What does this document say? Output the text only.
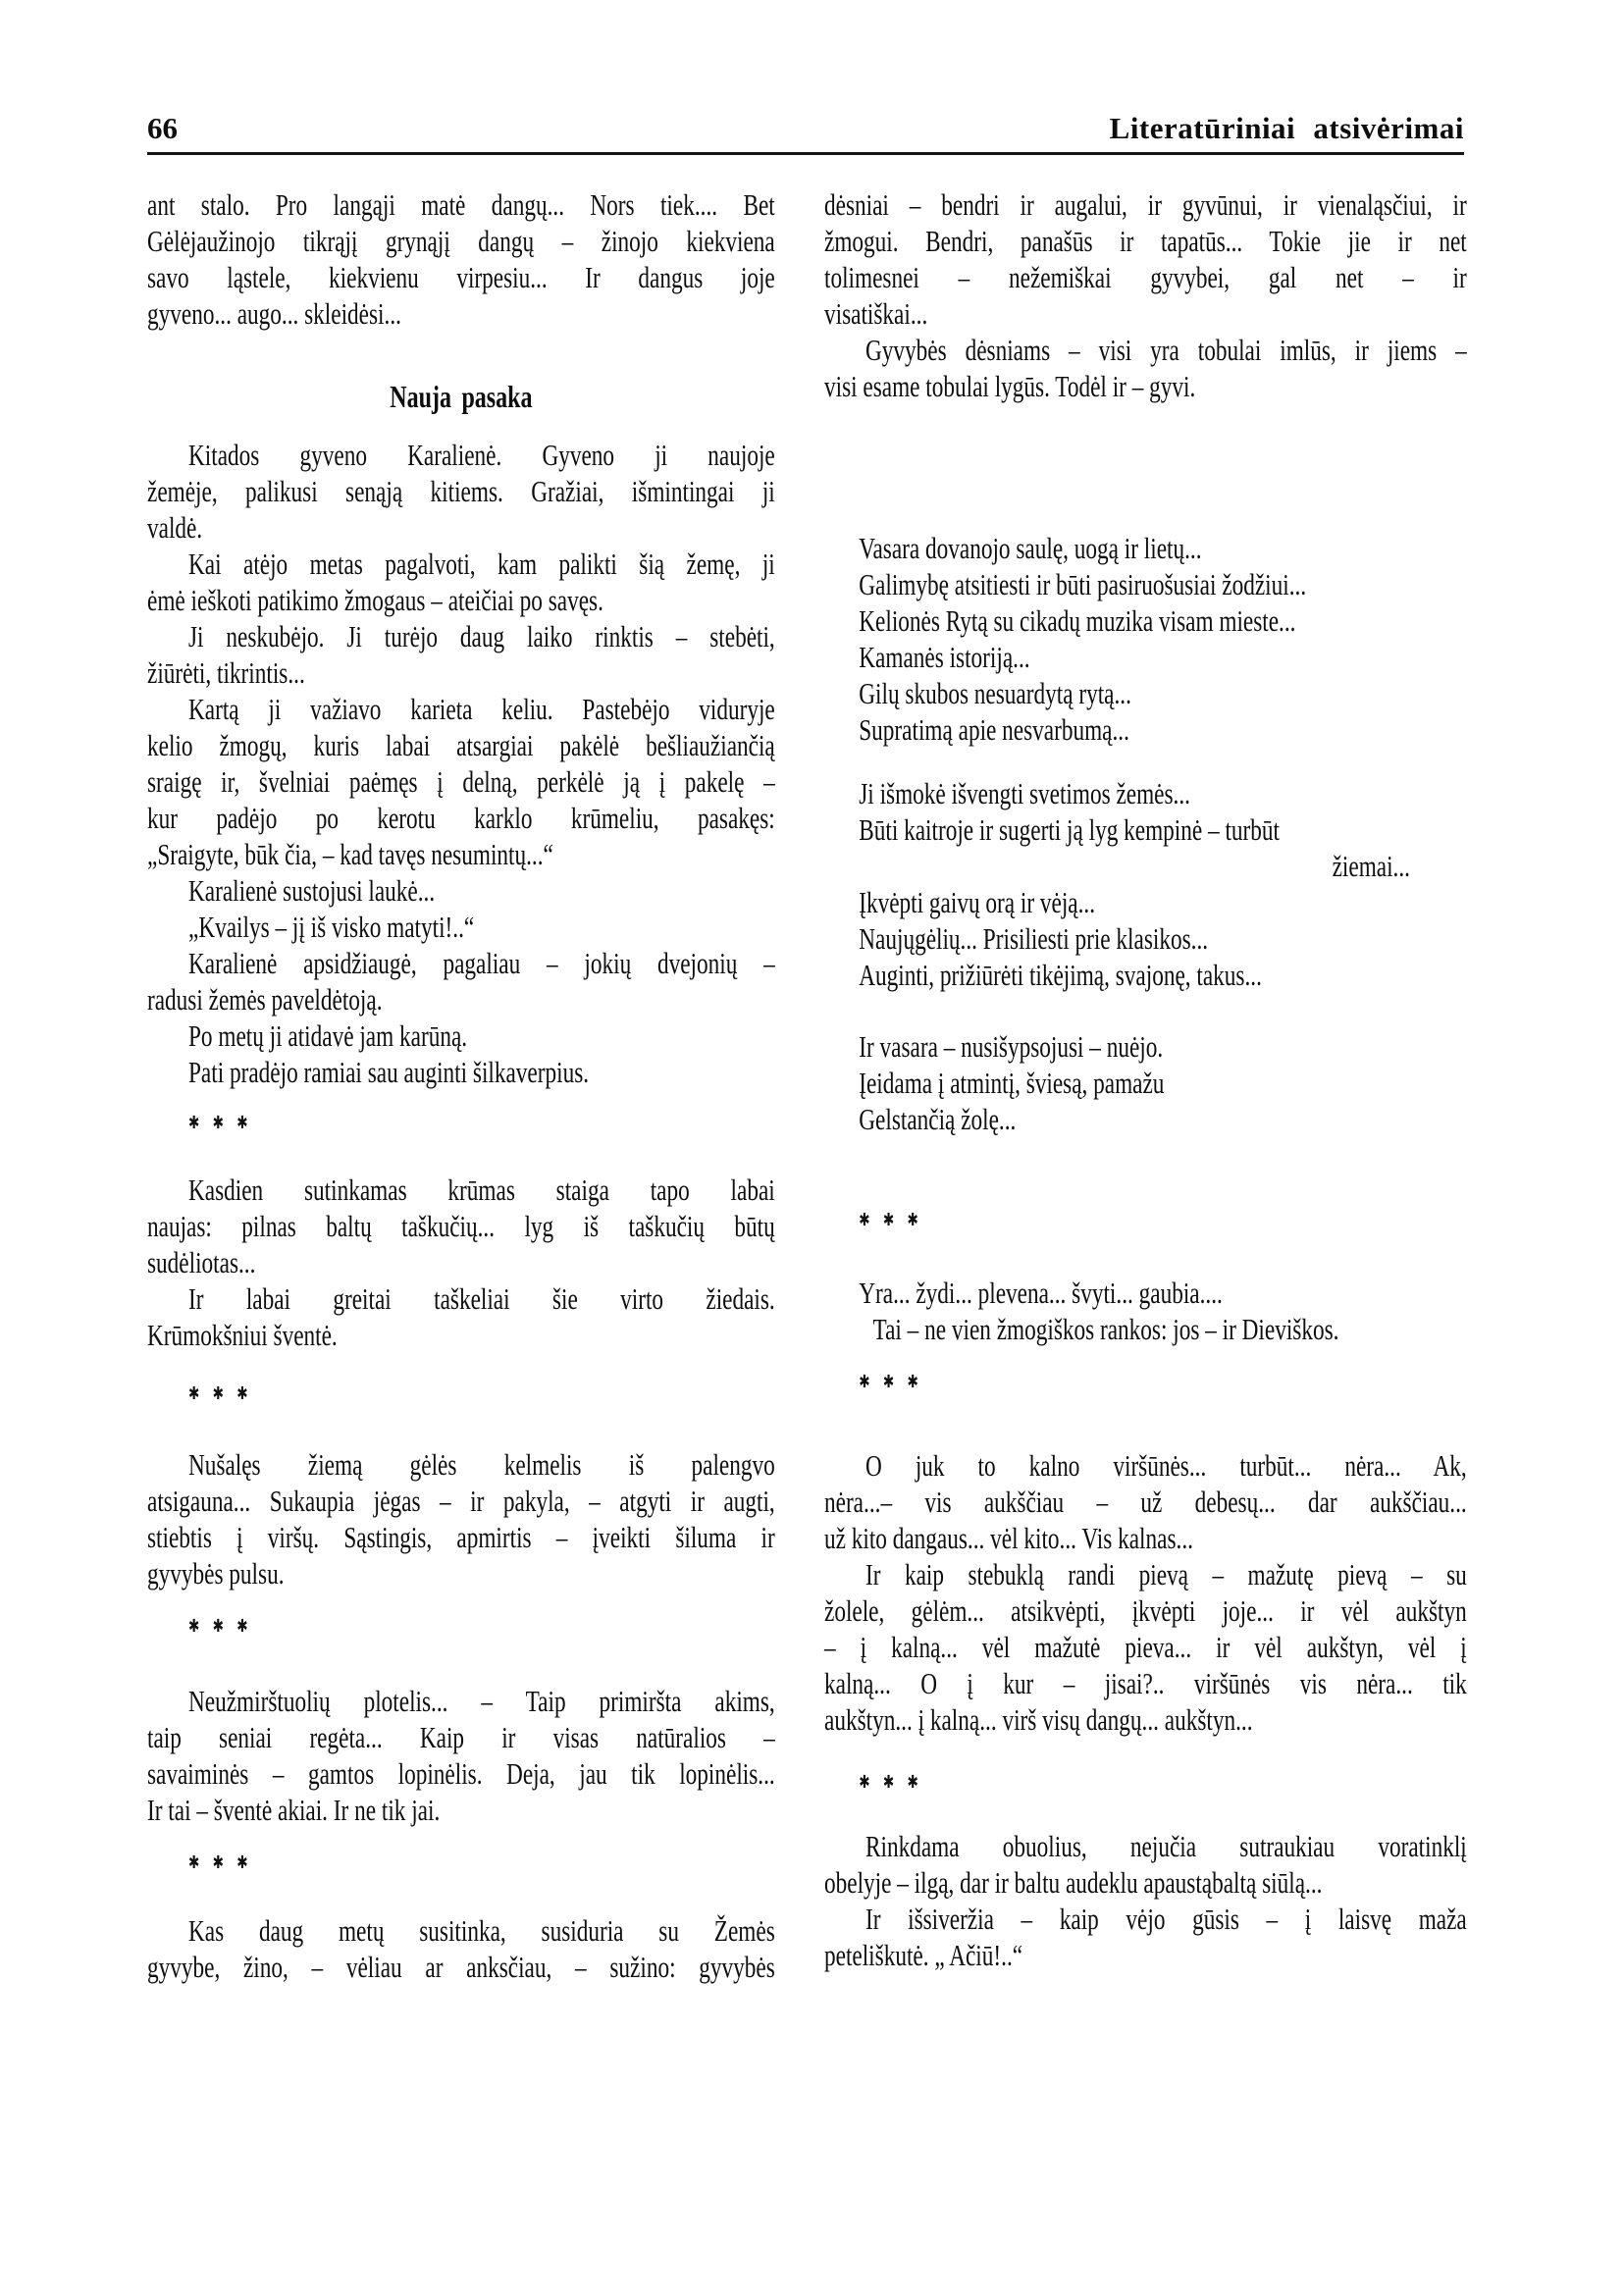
66	Literatūriniai atsivėrimai

ant stalo. Pro langąji matė dangų... Nors tiek.... Bet
Gėlėjaužinojo tikrąjį grynąjį dangų – žinojo kiekviena
savo ląstele, kiekvienu virpesiu... Ir dangus joje
gyveno... augo... skleidėsi...

Nauja pasaka

Kitados gyveno Karalienė. Gyveno ji naujoje
žemėje, palikusi senąją kitiems. Gražiai, išmintingai ji
valdė.

Kai atėjo metas pagalvoti, kam palikti šią žemę, ji
ėmė ieškoti patikimo žmogaus – ateičiai po savęs.

Ji neskubėjo. Ji turėjo daug laiko rinktis – stebėti,
žiūrėti, tikrintis...

Kartą ji važiavo karieta keliu. Pastebėjo viduryje
kelio žmogų, kuris labai atsargiai pakėlė bešliaužiančią
sraigę ir, švelniai paėmęs į delną, perkėlė ją į pakelę –
kur padėjo po kerotu karklo krūmeliu, pasakęs:
„Sraigyte, būk čia, – kad tavęs nesumintų...“

Karalienė sustojusi laukė...

„Kvailys – jį iš visko matyti!..“

Karalienė apsidžiaugė, pagaliau – jokių dvejonių –
radusi žemės paveldėtoją.

Po metų ji atidavė jam karūną.

Pati pradėjo ramiai sau auginti šilkaverpius.

✱ ✱ ✱

Kasdien sutinkamas krūmas staiga tapo labai
naujas: pilnas baltų taškučių... lyg iš taškučių būtų
sudėliotas...

Ir labai greitai taškeliai šie virto žiedais.
Krūmokšniui šventė.

✱ ✱ ✱

Nušalęs žiemą gėlės kelmelis iš palengvo
atsigauna... Sukaupia jėgas – ir pakyla, – atgyti ir augti,
stiebtis į viršų. Sąstingis, apmirtis – įveikti šiluma ir
gyvybės pulsu.

✱ ✱ ✱

Neužmirštuolių plotelis... – Taip primiršta akims,
taip seniai regėta... Kaip ir visas natūralios –
savaiminės – gamtos lopinėlis. Deja, jau tik lopinėlis...
Ir tai – šventė akiai. Ir ne tik jai.

✱ ✱ ✱

Kas daug metų susitinka, susiduria su Žemės
gyvybe, žino, – vėliau ar anksčiau, – sužino: gyvybės

dėsniai – bendri ir augalui, ir gyvūnui, ir vienaląsčiui, ir
žmogui. Bendri, panašūs ir tapatūs... Tokie jie ir net
tolimesnei – nežemiškai gyvybei, gal net – ir
visatiškai...

Gyvybės dėsniams – visi yra tobulai imlūs, ir jiems –
visi esame tobulai lygūs. Todėl ir – gyvi.

Vasara dovanojo saulę, uogą ir lietų...
Galimybę atsitiesti ir būti pasiruošusiai žodžiui...
Kelionės Rytą su cikadų muzika visam mieste...
Kamanės istoriją...
Gilų skubos nesuardytą rytą...
Supratimą apie nesvarbumą...
Ji išmokė išvengti svetimos žemės...
Būti kaitroje ir sugerti ją lyg kempinė – turbūt
žiemai...
Įkvėpti gaivų orą ir vėją...
Naujųgėlių... Prisiliesti prie klasikos...
Auginti, prižiūrėti tikėjimą, svajonę, takus...
Ir vasara – nusišypsojusi – nuėjo.
Įeidama į atmintį, šviesą, pamažu
Gelstančią žolę...
✱ ✱ ✱
Yra... žydi... plevena... švyti... gaubia....
Tai – ne vien žmogiškos rankos: jos – ir Dieviškos.
✱ ✱ ✱

O juk to kalno viršūnės... turbūt... nėra... Ak,
nėra...– vis aukščiau – už debesų... dar aukščiau...
už kito dangaus... vėl kito... Vis kalnas...

Ir kaip stebuklą randi pievą – mažutę pievą – su
žolele, gėlėm... atsikvėpti, įkvėpti joje... ir vėl aukštyn
– į kalną... vėl mažutė pieva... ir vėl aukštyn, vėl į
kalną... O į kur – jisai?.. viršūnės vis nėra... tik
aukštyn... į kalną... virš visų dangų... aukštyn...

✱ ✱ ✱

Rinkdama obuolius, nejučia sutraukiau voratinklį
obelyje – ilgą, dar ir baltu audeklu apaustąbaltą siūlą...

Ir išsiveržia – kaip vėjo gūsis – į laisvę maža
peteliškutė. „ Ačiū!..“
